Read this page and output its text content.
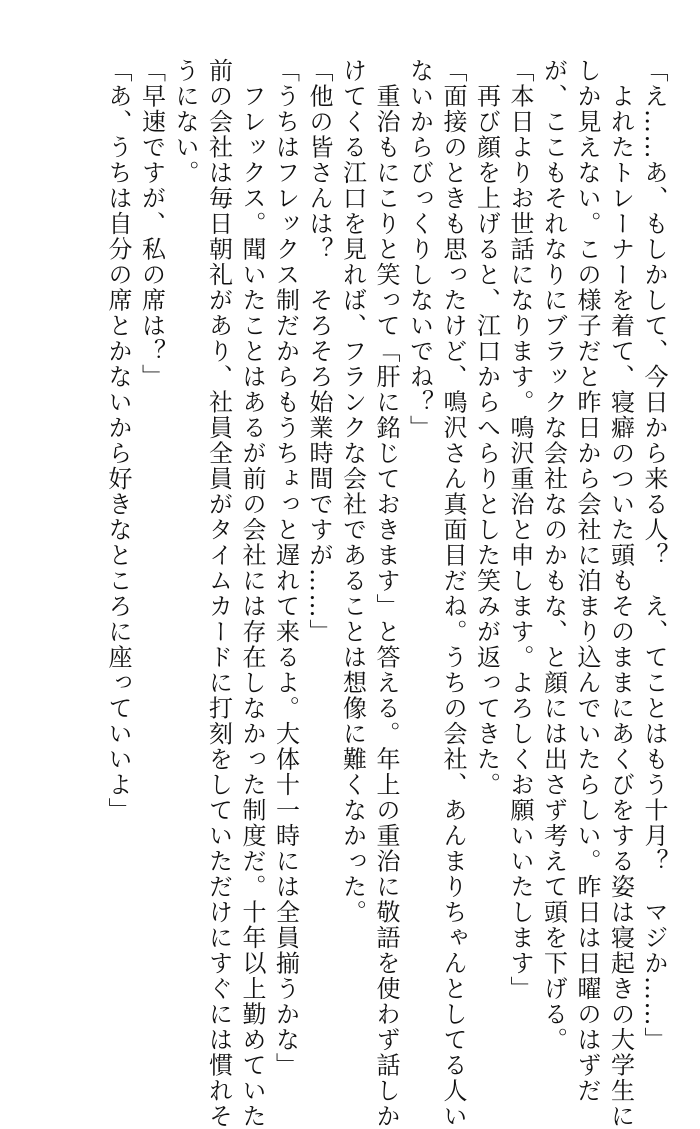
「え……あ、もしかして、今日から来る人？　え、てことはもう十月？　マジか……」
　よれたトレーナーを着て、寝癖のついた頭もそのままにあくびをする姿は寝起きの大学生に
しか見えない。この様子だと昨日から会社に泊まり込んでいたらしい。昨日は日曜のはずだ
が、ここもそれなりにブラックな会社なのかもな、と顔には出さず考えて頭を下げる。
「本日よりお世話になります。鳴沢重治と申します。よろしくお願いいたします」
　再び顔を上げると、江口からへらりとした笑みが返ってきた。
「面接のときも思ったけど、鳴沢さん真面目だね。うちの会社、あんまりちゃんとしてる人い
ないからびっくりしないでね？」
　重治もにこりと笑って「肝に銘じておきます」と答える。年上の重治に敬語を使わず話しか
けてくる江口を見れば、フランクな会社であることは想像に難くなかった。
「他の皆さんは？　そろそろ始業時間ですが……」
「うちはフレックス制だからもうちょっと遅れて来るよ。大体十一時には全員揃うかな」
　フレックス。聞いたことはあるが前の会社には存在しなかった制度だ。十年以上勤めていた
前の会社は毎日朝礼があり、社員全員がタイムカードに打刻をしていただけにすぐには慣れそ
うにない。
「早速ですが、私の席は？」
「あ、うちは自分の席とかないから好きなところに座っていいよ」
